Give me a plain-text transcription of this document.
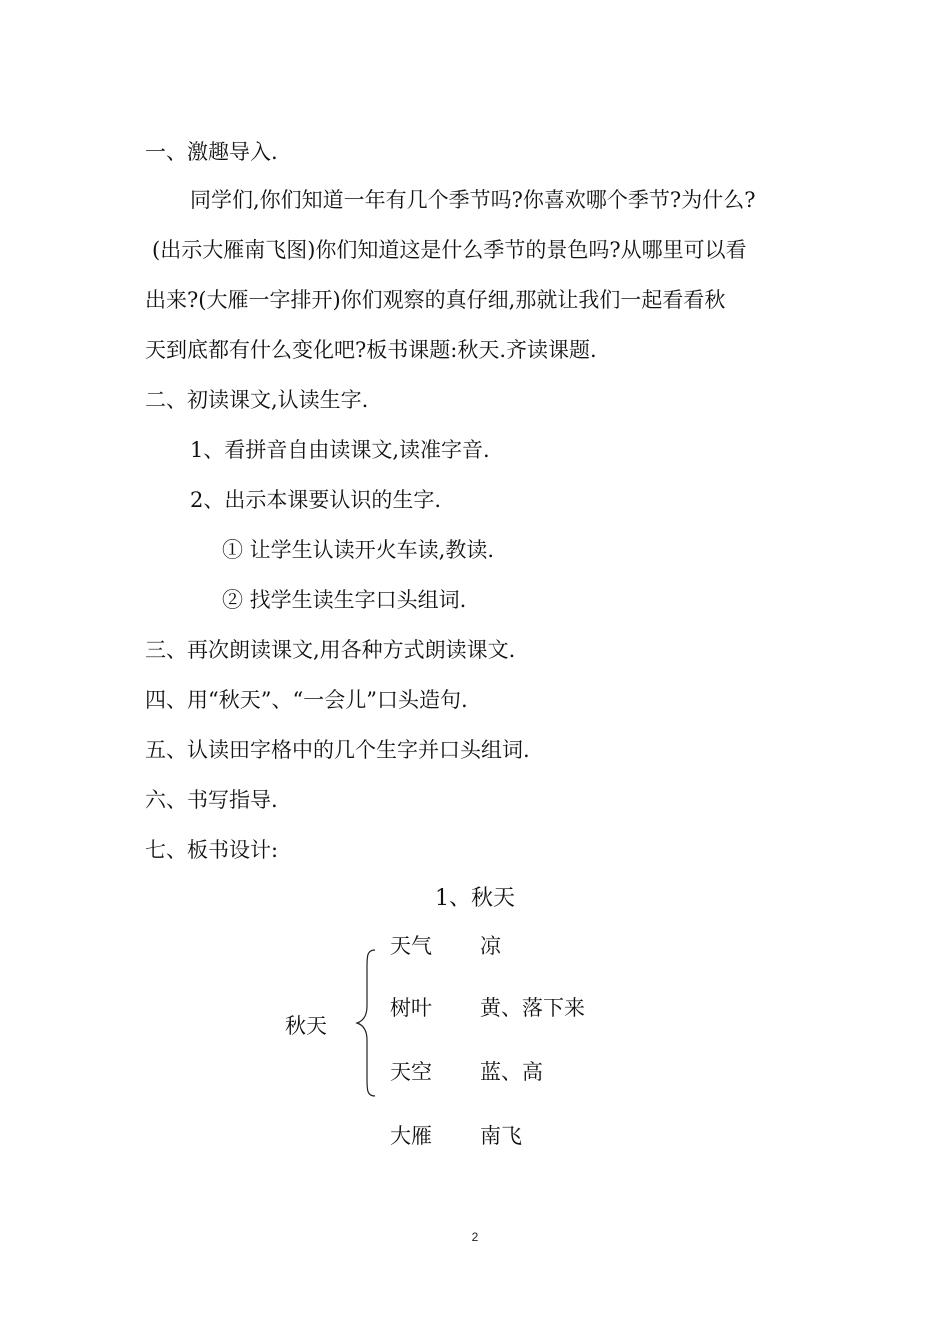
一、激趣导入.
同学们,你们知道一年有几个季节吗?你喜欢哪个季节?为什么?
(出示大雁南飞图)你们知道这是什么季节的景色吗?从哪里可以看
出来?(大雁一字排开)你们观察的真仔细,那就让我们一起看看秋
天到底都有什么变化吧?板书课题:秋天.齐读课题.
二、初读课文,认读生字.
1、看拼音自由读课文,读准字音.
2、出示本课要认识的生字.
① 让学生认读开火车读,教读.
② 找学生读生字口头组词.
三、再次朗读课文,用各种方式朗读课文.
四、用“秋天”、“一会儿”口头造句.
五、认读田字格中的几个生字并口头组词.
六、书写指导.
七、板书设计:
1、秋天
秋天
天气 凉
树叶 黄、落下来
天空 蓝、高
大雁 南飞
2
